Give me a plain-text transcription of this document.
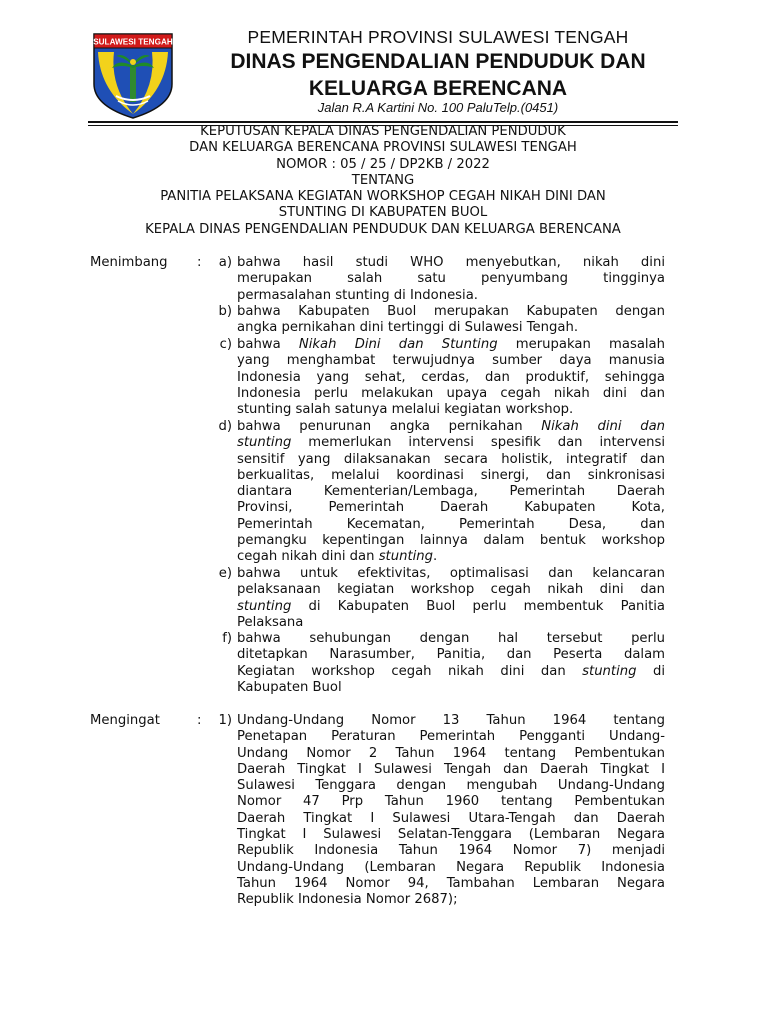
SULAWESI TENGAH	PEMERINTAH PROVINSI SULAWESI TENGAH
DINAS PENGENDALIAN PENDUDUK DAN
KELUARGA BERENCANA
Jalan R.A Kartini No. 100 PaluTelp.(0451)
KEPUTUSAN KEPALA DINAS PENGENDALIAN PENDUDUK
DAN KELUARGA BERENCANA PROVINSI SULAWESI TENGAH
NOMOR : 05 / 25 / DP2KB / 2022
TENTANG
PANITIA PELAKSANA KEGIATAN WORKSHOP CEGAH NIKAH DINI DAN
STUNTING DI KABUPATEN BUOL
KEPALA DINAS PENGENDALIAN PENDUDUK DAN KELUARGA BERENCANA
Menimbang :	a) bahwa hasil studi WHO menyebutkan, nikah dini
merupakan salah satu penyumbang tingginya
permasalahan stunting di Indonesia.
b) bahwa Kabupaten Buol merupakan Kabupaten dengan
angka pernikahan dini tertinggi di Sulawesi Tengah.
c) bahwa Nikah Dini dan Stunting merupakan masalah
yang menghambat terwujudnya sumber daya manusia
Indonesia yang sehat, cerdas, dan produktif, sehingga
Indonesia perlu melakukan upaya cegah nikah dini dan
stunting salah satunya melalui kegiatan workshop.
d) bahwa penurunan angka pernikahan Nikah dini dan
stunting memerlukan intervensi spesifik dan intervensi
sensitif yang dilaksanakan secara holistik, integratif dan
berkualitas, melalui koordinasi sinergi, dan sinkronisasi
diantara Kementerian/Lembaga, Pemerintah Daerah
Provinsi, Pemerintah Daerah Kabupaten Kota,
Pemerintah Kecematan, Pemerintah Desa, dan
pemangku kepentingan lainnya dalam bentuk workshop
cegah nikah dini dan stunting.
e) bahwa untuk efektivitas, optimalisasi dan kelancaran
pelaksanaan kegiatan workshop cegah nikah dini dan
stunting di Kabupaten Buol perlu membentuk Panitia
Pelaksana
f) bahwa sehubungan dengan hal tersebut perlu
ditetapkan Narasumber, Panitia, dan Peserta dalam
Kegiatan workshop cegah nikah dini dan stunting di
Kabupaten Buol
Mengingat	:	1) Undang-Undang Nomor 13 Tahun 1964 tentang
Penetapan Peraturan Pemerintah Pengganti Undang-
Undang Nomor 2 Tahun 1964 tentang Pembentukan
Daerah Tingkat I Sulawesi Tengah dan Daerah Tingkat I
Sulawesi Tenggara dengan mengubah Undang-Undang
Nomor 47 Prp Tahun 1960 tentang Pembentukan
Daerah Tingkat I Sulawesi Utara-Tengah dan Daerah
Tingkat I Sulawesi Selatan-Tenggara (Lembaran Negara
Republik Indonesia Tahun 1964 Nomor 7) menjadi
Undang-Undang (Lembaran Negara Republik Indonesia
Tahun 1964 Nomor 94, Tambahan Lembaran Negara
Republik Indonesia Nomor 2687);
